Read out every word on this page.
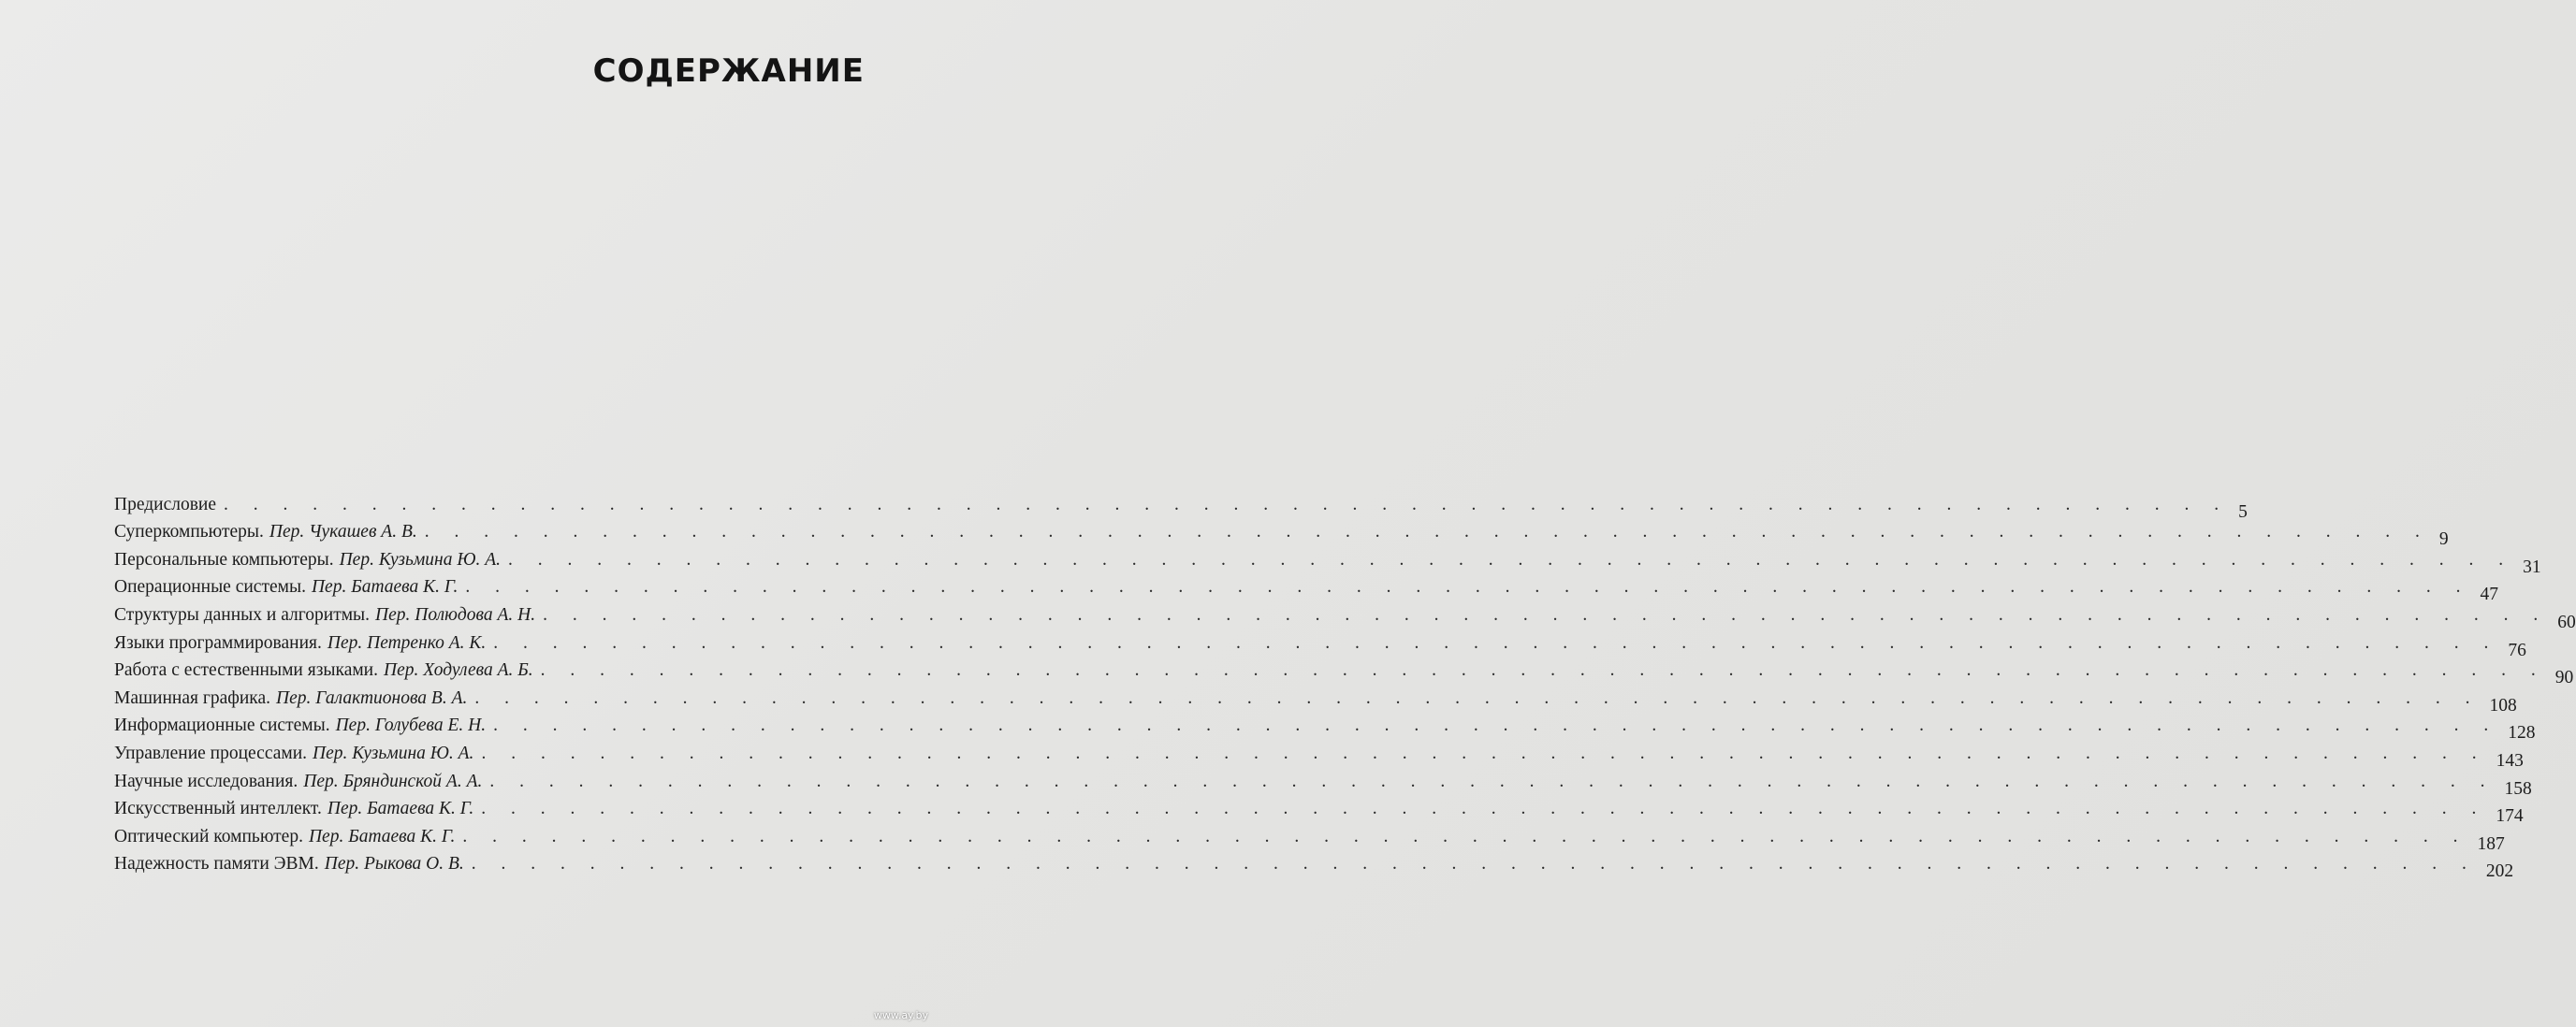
СОДЕРЖАНИЕ
Предисловие . . . . . . . . . . . . . . . . . . . . . . . . . . . . . . . . . . . . . . . . . . . . . . . . . . . . . . . . . . . . . . . . . . . . 5
Суперкомпьютеры. Пер. Чукашев А. В. . . . . . . . . . . . . . . . . . . . . . . . . . . . . . . . . . . . . . . . . . . . . . . . . . . . . . . . . . . . . . . . . . . . . 9
Персональные компьютеры. Пер. Кузьмина Ю. А. . . . . . . . . . . . . . . . . . . . . . . . . . . . . . . . . . . . . . . . . . . . . . . . . . . . . . . . . . . . . . . . . . . . . 31
Операционные системы. Пер. Батаева К. Г. . . . . . . . . . . . . . . . . . . . . . . . . . . . . . . . . . . . . . . . . . . . . . . . . . . . . . . . . . . . . . . . . . . . . 47
Структуры данных и алгоритмы. Пер. Полюдова А. Н. . . . . . . . . . . . . . . . . . . . . . . . . . . . . . . . . . . . . . . . . . . . . . . . . . . . . . . . . . . . . . . . . . . . . 60
Языки программирования. Пер. Петренко А. К. . . . . . . . . . . . . . . . . . . . . . . . . . . . . . . . . . . . . . . . . . . . . . . . . . . . . . . . . . . . . . . . . . . . . 76
Работа с естественными языками. Пер. Ходулева А. Б. . . . . . . . . . . . . . . . . . . . . . . . . . . . . . . . . . . . . . . . . . . . . . . . . . . . . . . . . . . . . . . . . . . . . 90
Машинная графика. Пер. Галактионова В. А. . . . . . . . . . . . . . . . . . . . . . . . . . . . . . . . . . . . . . . . . . . . . . . . . . . . . . . . . . . . . . . . . . . . . 108
Информационные системы. Пер. Голубева Е. Н. . . . . . . . . . . . . . . . . . . . . . . . . . . . . . . . . . . . . . . . . . . . . . . . . . . . . . . . . . . . . . . . . . . . . 128
Управление процессами. Пер. Кузьмина Ю. А. . . . . . . . . . . . . . . . . . . . . . . . . . . . . . . . . . . . . . . . . . . . . . . . . . . . . . . . . . . . . . . . . . . . . 143
Научные исследования. Пер. Бряндинской А. А. . . . . . . . . . . . . . . . . . . . . . . . . . . . . . . . . . . . . . . . . . . . . . . . . . . . . . . . . . . . . . . . . . . . . 158
Искусственный интеллект. Пер. Батаева К. Г. . . . . . . . . . . . . . . . . . . . . . . . . . . . . . . . . . . . . . . . . . . . . . . . . . . . . . . . . . . . . . . . . . . . . 174
Оптический компьютер. Пер. Батаева К. Г. . . . . . . . . . . . . . . . . . . . . . . . . . . . . . . . . . . . . . . . . . . . . . . . . . . . . . . . . . . . . . . . . . . . . 187
Надежность памяти ЭВМ. Пер. Рыкова О. В. . . . . . . . . . . . . . . . . . . . . . . . . . . . . . . . . . . . . . . . . . . . . . . . . . . . . . . . . . . . . . . . . . . . . 202
www.ay.by
